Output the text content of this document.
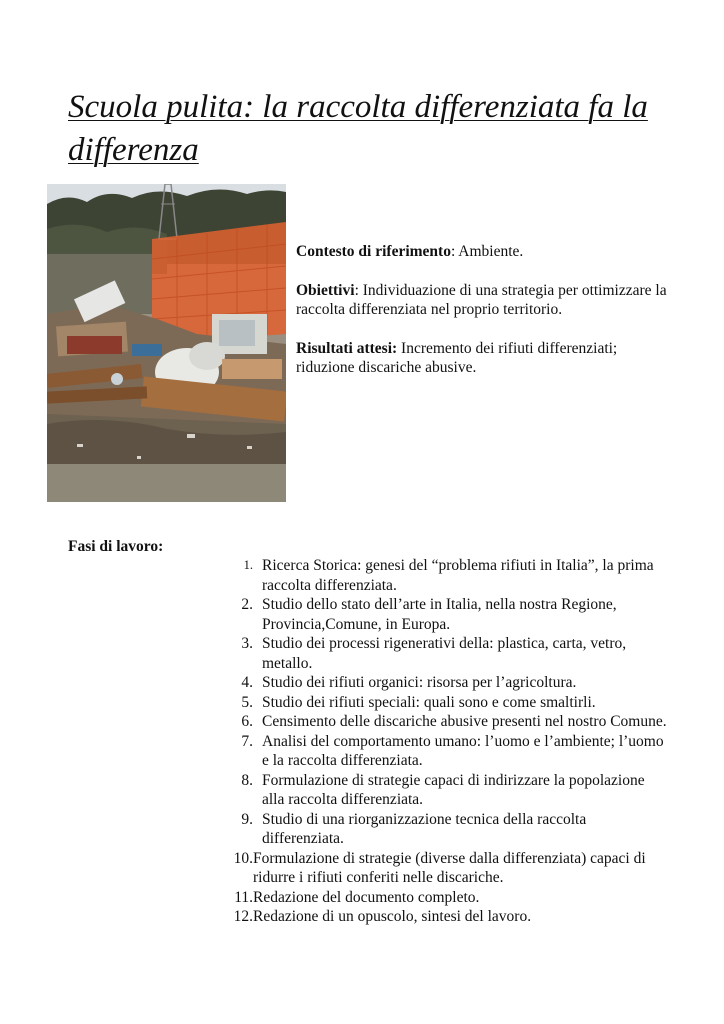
Scuola pulita: la raccolta differenziata fa la differenza

Contesto di riferimento: Ambiente.

Obiettivi: Individuazione di una strategia per ottimizzare la raccolta differenziata nel proprio territorio.

Risultati attesi: Incremento dei rifiuti differenziati; riduzione discariche abusive.

Fasi di lavoro:
1. Ricerca Storica: genesi del “problema rifiuti in Italia”, la prima raccolta differenziata.
2. Studio dello stato dell’arte in Italia, nella nostra Regione, Provincia,Comune, in Europa.
3. Studio dei processi rigenerativi della: plastica, carta, vetro, metallo.
4. Studio dei rifiuti organici: risorsa per l’agricoltura.
5. Studio dei rifiuti speciali: quali sono e come smaltirli.
6. Censimento delle discariche abusive presenti nel nostro Comune.
7. Analisi del comportamento umano: l’uomo e l’ambiente; l’uomo e la raccolta differenziata.
8. Formulazione di strategie capaci di indirizzare la popolazione alla raccolta differenziata.
9. Studio di una riorganizzazione tecnica della raccolta differenziata.
10. Formulazione di strategie (diverse dalla differenziata) capaci di ridurre i rifiuti conferiti nelle discariche.
11. Redazione del documento completo.
12. Redazione di un opuscolo, sintesi del lavoro.
